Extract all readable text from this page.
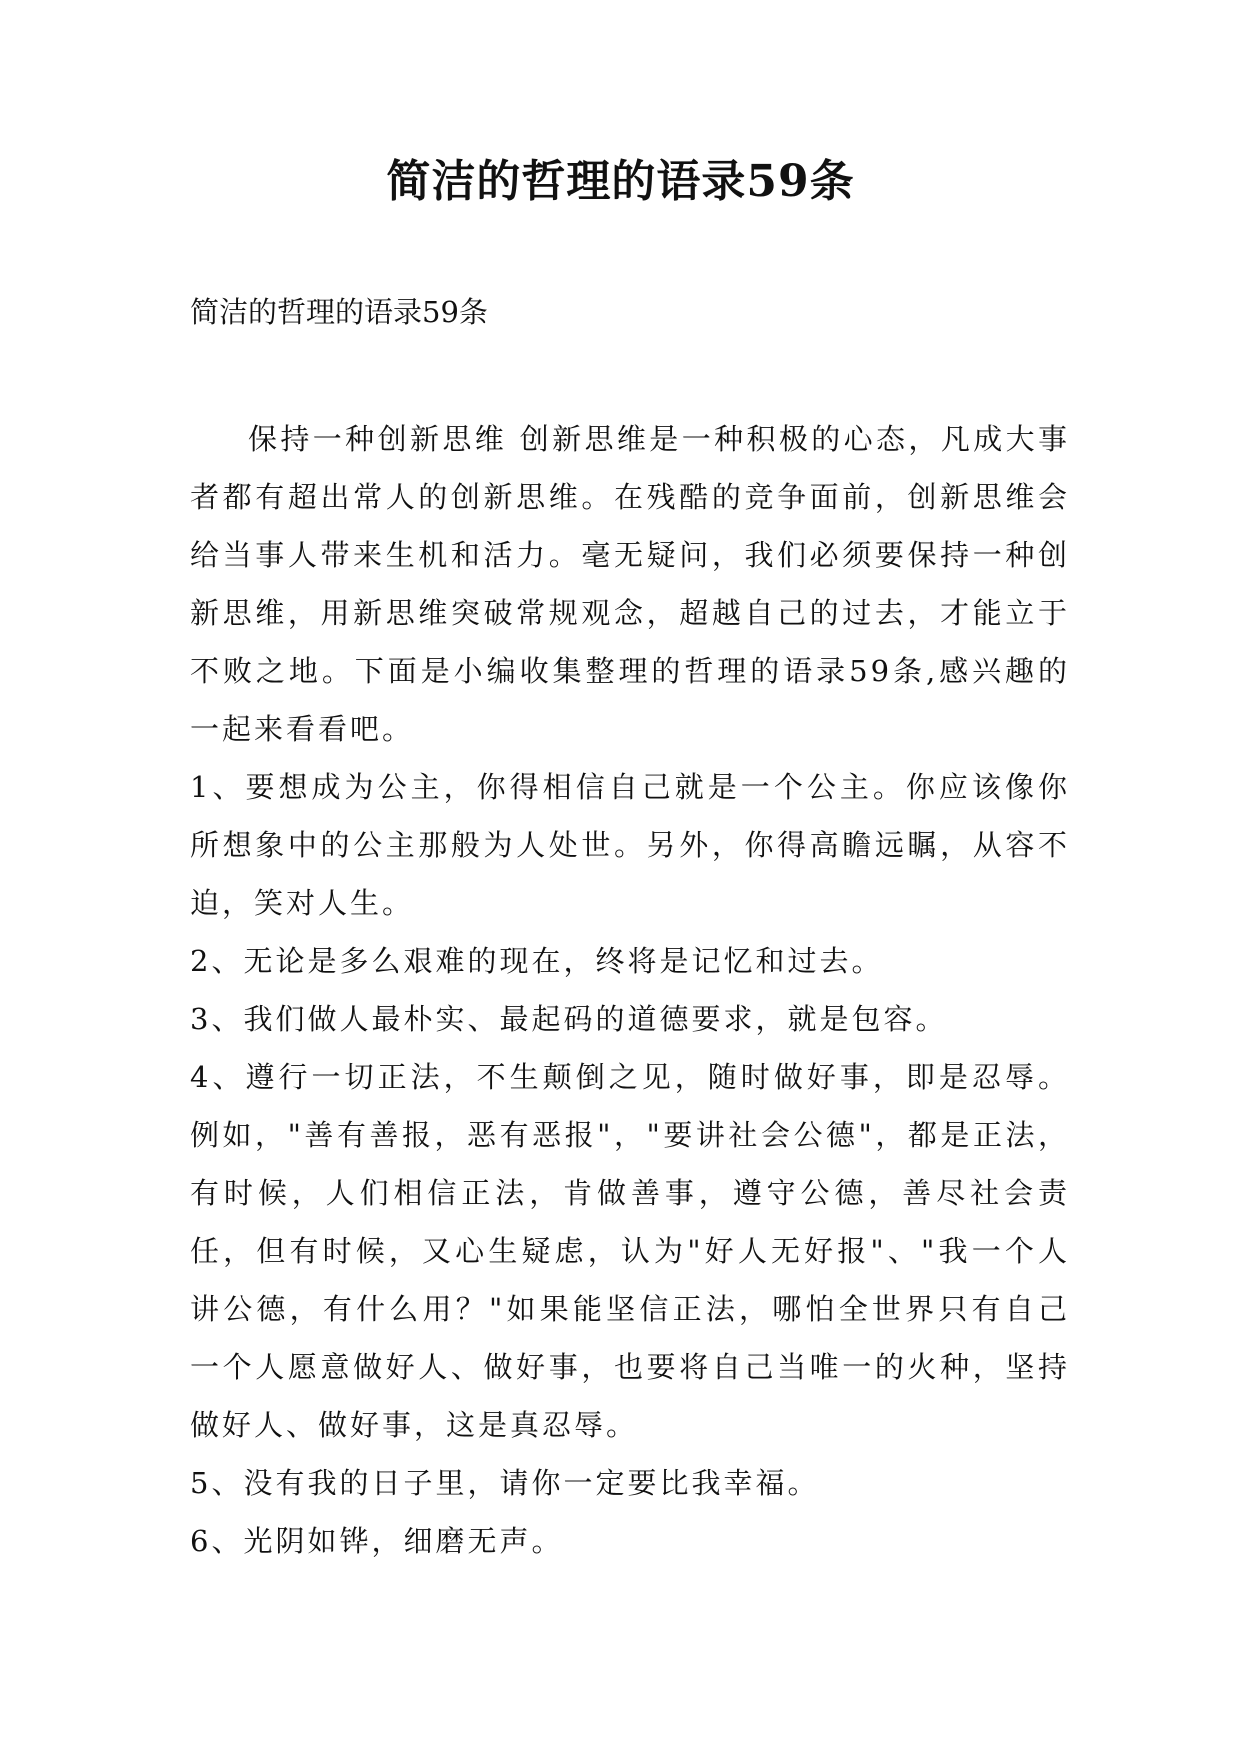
简洁的哲理的语录59条

简洁的哲理的语录59条

保持一种创新思维 创新思维是一种积极的心态，凡成大事者都有超出常人的创新思维。在残酷的竞争面前，创新思维会给当事人带来生机和活力。毫无疑问，我们必须要保持一种创新思维，用新思维突破常规观念，超越自己的过去，才能立于不败之地。下面是小编收集整理的哲理的语录59条,感兴趣的一起来看看吧。

1、要想成为公主，你得相信自己就是一个公主。你应该像你所想象中的公主那般为人处世。另外，你得高瞻远瞩，从容不迫，笑对人生。

2、无论是多么艰难的现在，终将是记忆和过去。

3、我们做人最朴实、最起码的道德要求，就是包容。

4、遵行一切正法，不生颠倒之见，随时做好事，即是忍辱。例如，"善有善报，恶有恶报"，"要讲社会公德"，都是正法，有时候，人们相信正法，肯做善事，遵守公德，善尽社会责任，但有时候，又心生疑虑，认为"好人无好报"、"我一个人讲公德，有什么用？"如果能坚信正法，哪怕全世界只有自己一个人愿意做好人、做好事，也要将自己当唯一的火种，坚持做好人、做好事，这是真忍辱。

5、没有我的日子里，请你一定要比我幸福。

6、光阴如铧，细磨无声。
